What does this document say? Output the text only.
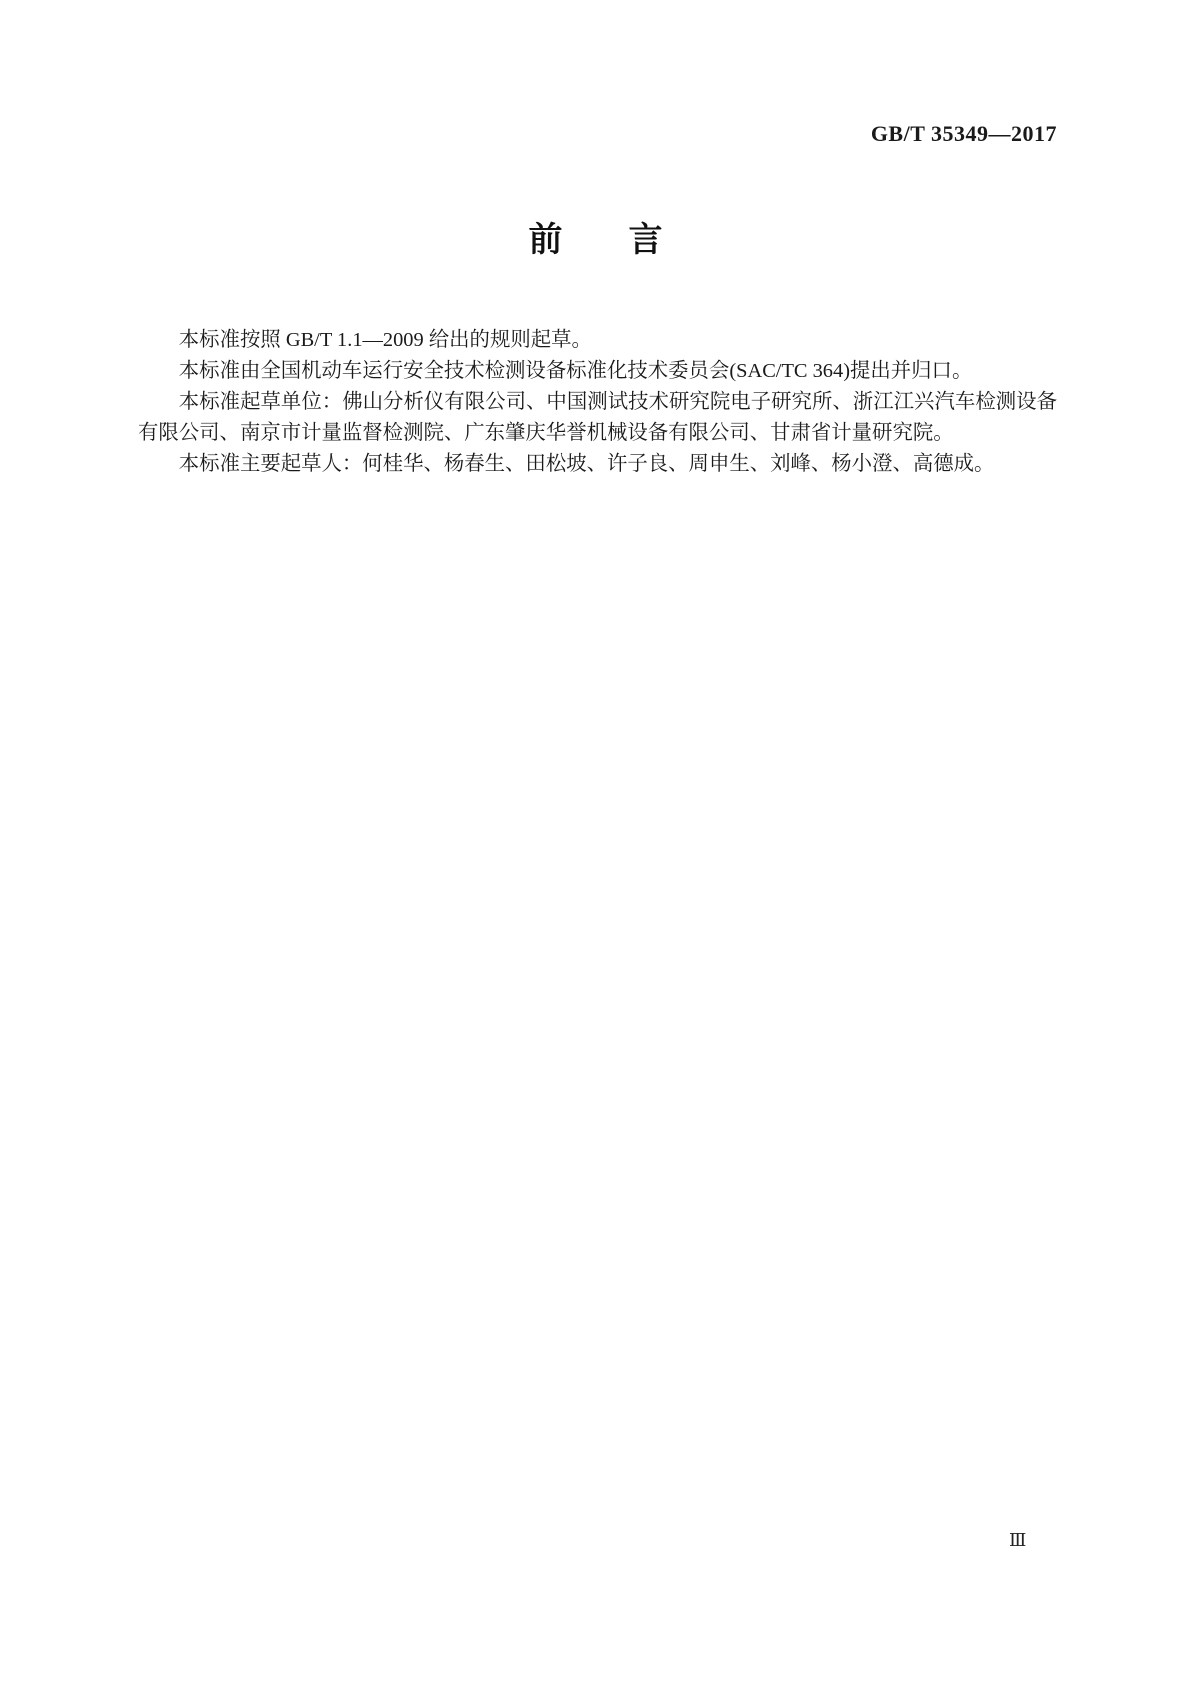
GB/T 35349—2017
前 言

本标准按照 GB/T 1.1—2009 给出的规则起草。

本标准由全国机动车运行安全技术检测设备标准化技术委员会(SAC/TC 364)提出并归口。

本标准起草单位：佛山分析仪有限公司、中国测试技术研究院电子研究所、浙江江兴汽车检测设备有限公司、南京市计量监督检测院、广东肇庆华誉机械设备有限公司、甘肃省计量研究院。

本标准主要起草人：何桂华、杨春生、田松坡、许子良、周申生、刘峰、杨小澄、高德成。

Ⅲ
